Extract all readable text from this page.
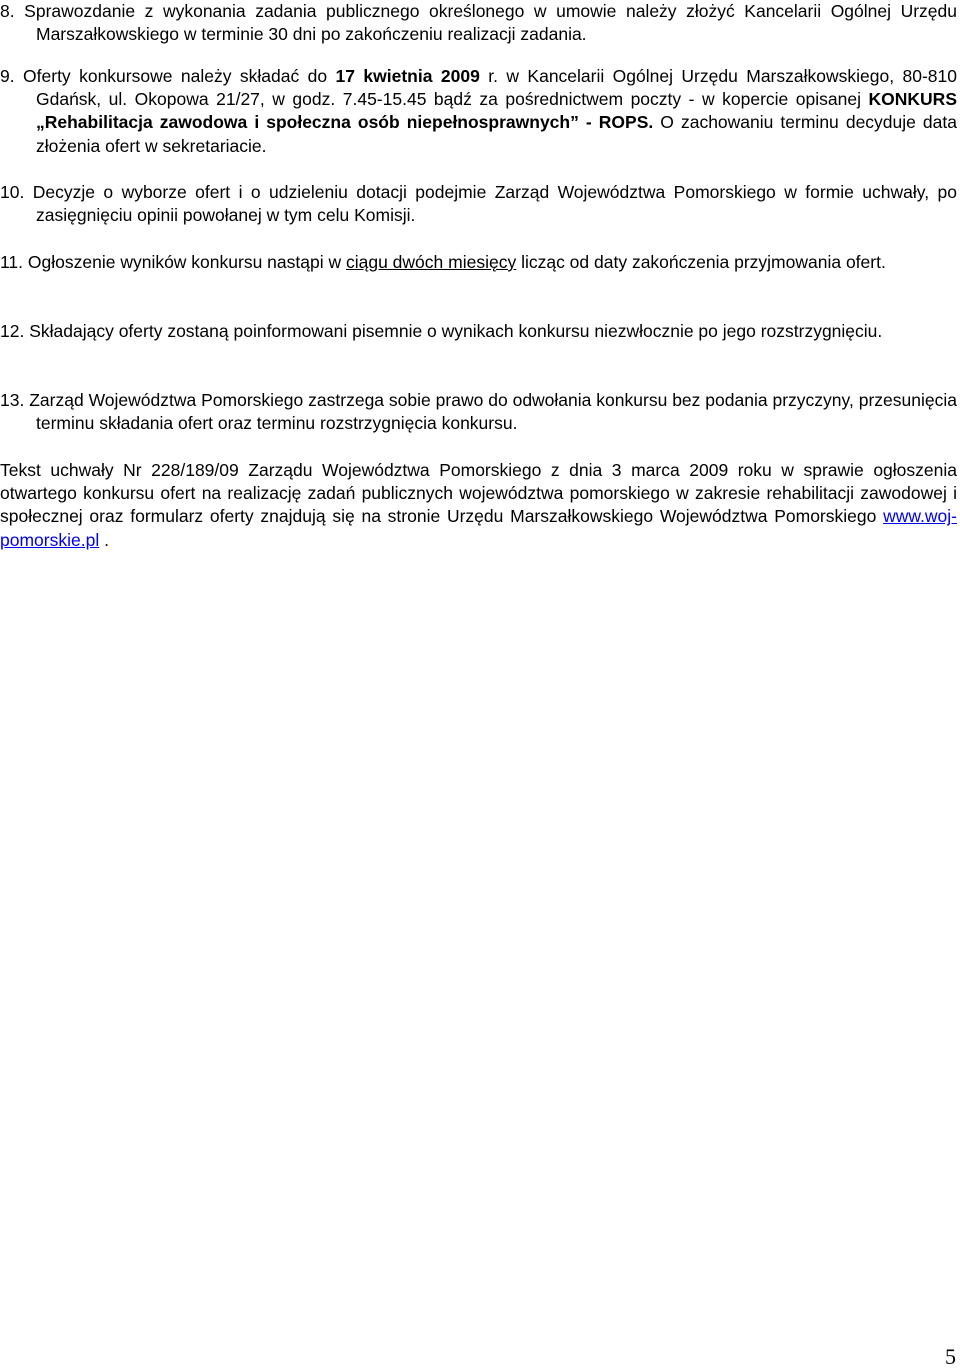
8. Sprawozdanie z wykonania zadania publicznego określonego w umowie należy złożyć Kancelarii Ogólnej Urzędu Marszałkowskiego w terminie 30 dni po zakończeniu realizacji zadania.

9. Oferty konkursowe należy składać do 17 kwietnia 2009 r. w Kancelarii Ogólnej Urzędu Marszałkowskiego, 80-810 Gdańsk, ul. Okopowa 21/27, w godz. 7.45-15.45 bądź za pośrednictwem poczty - w kopercie opisanej KONKURS „Rehabilitacja zawodowa i społeczna osób niepełnosprawnych” - ROPS. O zachowaniu terminu decyduje data złożenia ofert w sekretariacie.

10. Decyzje o wyborze ofert i o udzieleniu dotacji podejmie Zarząd Województwa Pomorskiego w formie uchwały, po zasięgnięciu opinii powołanej w tym celu Komisji.

11. Ogłoszenie wyników konkursu nastąpi w ciągu dwóch miesięcy licząc od daty zakończenia przyjmowania ofert.

12. Składający oferty zostaną poinformowani pisemnie o wynikach konkursu niezwłocznie po jego rozstrzygnięciu.

13. Zarząd Województwa Pomorskiego zastrzega sobie prawo do odwołania konkursu bez podania przyczyny, przesunięcia terminu składania ofert oraz terminu rozstrzygnięcia konkursu.

Tekst uchwały Nr 228/189/09 Zarządu Województwa Pomorskiego z dnia 3 marca 2009 roku w sprawie ogłoszenia otwartego konkursu ofert na realizację zadań publicznych województwa pomorskiego w zakresie rehabilitacji zawodowej i społecznej oraz formularz oferty znajdują się na stronie Urzędu Marszałkowskiego Województwa Pomorskiego www.woj-pomorskie.pl .

5
